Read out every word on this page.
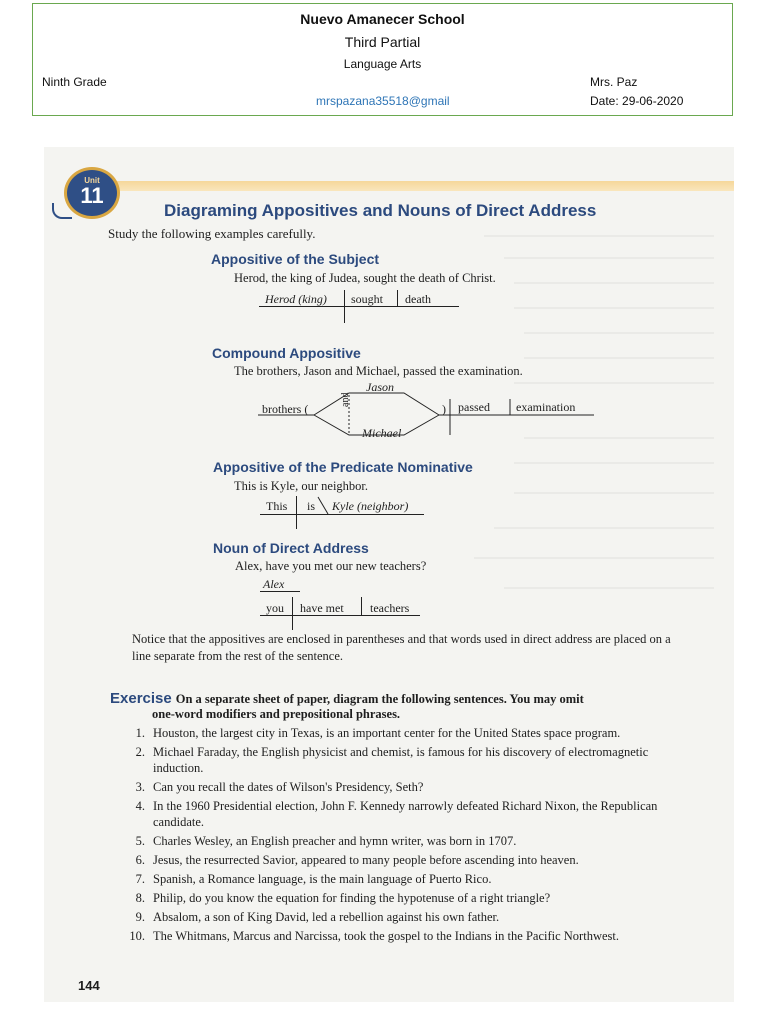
Nuevo Amanecer School
Third Partial
Language Arts
Ninth Grade	Mrs. Paz
mrspazana35518@gmail	Date: 29-06-2020
Unit
11
Diagraming Appositives and Nouns of Direct Address
Study the following examples carefully.
Appositive of the Subject
Herod, the king of Judea, sought the death of Christ.
Herod (king) sought death
Compound Appositive
The brothers, Jason and Michael, passed the examination.
brothers (
Jason
and
Michael
) passed examination
Appositive of the Predicate Nominative
This is Kyle, our neighbor.
This is Kyle (neighbor)
Noun of Direct Address
Alex, have you met our new teachers?
Alex
you have met teachers
Notice that the appositives are enclosed in parentheses and that words used in direct address are placed on a line separate from the rest of the sentence.
Exercise On a separate sheet of paper, diagram the following sentences. You may omit
one-word modifiers and prepositional phrases.
1. Houston, the largest city in Texas, is an important center for the United States space program.
2. Michael Faraday, the English physicist and chemist, is famous for his discovery of electromagnetic induction.
3. Can you recall the dates of Wilson's Presidency, Seth?
4. In the 1960 Presidential election, John F. Kennedy narrowly defeated Richard Nixon, the Republican candidate.
5. Charles Wesley, an English preacher and hymn writer, was born in 1707.
6. Jesus, the resurrected Savior, appeared to many people before ascending into heaven.
7. Spanish, a Romance language, is the main language of Puerto Rico.
8. Philip, do you know the equation for finding the hypotenuse of a right triangle?
9. Absalom, a son of King David, led a rebellion against his own father.
10. The Whitmans, Marcus and Narcissa, took the gospel to the Indians in the Pacific Northwest.
144
